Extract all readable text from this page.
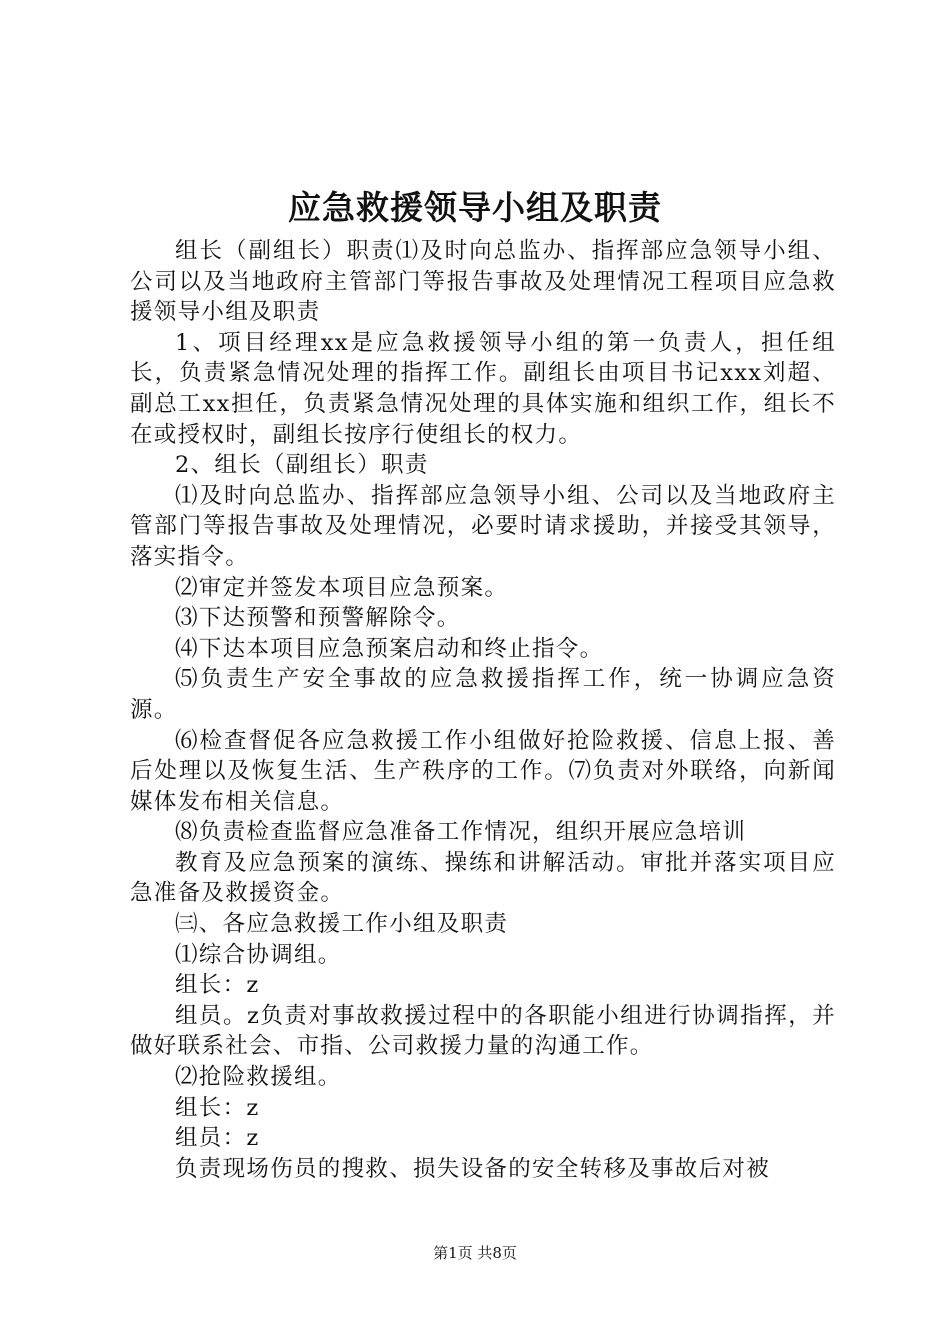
应急救援领导小组及职责

组长（副组长）职责⑴及时向总监办、指挥部应急领导小组、公司以及当地政府主管部门等报告事故及处理情况工程项目应急救援领导小组及职责

1、项目经理xx是应急救援领导小组的第一负责人，担任组长，负责紧急情况处理的指挥工作。副组长由项目书记xxx刘超、副总工xx担任，负责紧急情况处理的具体实施和组织工作，组长不在或授权时，副组长按序行使组长的权力。

2、组长（副组长）职责

⑴及时向总监办、指挥部应急领导小组、公司以及当地政府主管部门等报告事故及处理情况，必要时请求援助，并接受其领导，落实指令。

⑵审定并签发本项目应急预案。

⑶下达预警和预警解除令。

⑷下达本项目应急预案启动和终止指令。

⑸负责生产安全事故的应急救援指挥工作，统一协调应急资源。

⑹检查督促各应急救援工作小组做好抢险救援、信息上报、善后处理以及恢复生活、生产秩序的工作。⑺负责对外联络，向新闻媒体发布相关信息。

⑻负责检查监督应急准备工作情况，组织开展应急培训

教育及应急预案的演练、操练和讲解活动。审批并落实项目应急准备及救援资金。

㈢、各应急救援工作小组及职责

⑴综合协调组。

组长：z

组员。z负责对事故救援过程中的各职能小组进行协调指挥，并做好联系社会、市指、公司救援力量的沟通工作。

⑵抢险救援组。

组长：z

组员：z

负责现场伤员的搜救、损失设备的安全转移及事故后对被

第1页 共8页
